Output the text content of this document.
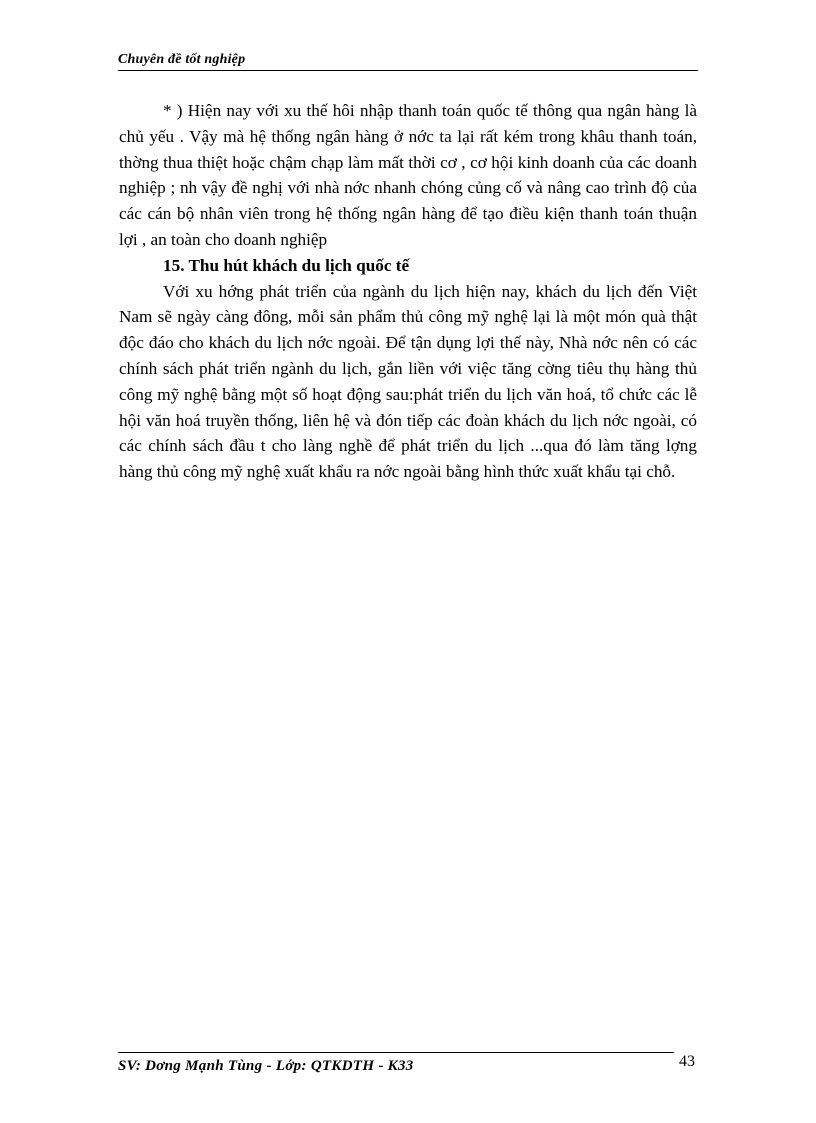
Chuyên đề tốt nghiệp

* ) Hiện nay với xu thế hôi nhập thanh toán quốc tế thông qua ngân hàng là chủ yếu . Vậy mà hệ thống ngân hàng ở nớc ta lại rất kém trong khâu thanh toán, thờng thua thiệt hoặc chậm chạp làm mất thời cơ , cơ hội kinh doanh của các doanh nghiệp ; nh vậy đề nghị với nhà nớc nhanh chóng củng cố và nâng cao trình độ của các cán bộ nhân viên trong hệ thống ngân hàng để tạo điều kiện thanh toán thuận lợi , an toàn cho doanh nghiệp

15. Thu hút khách du lịch quốc tế

Với xu hớng phát triển của ngành du lịch hiện nay, khách du lịch đến Việt Nam sẽ ngày càng đông, mỗi sản phẩm thủ công mỹ nghệ lại là một món quà thật độc đáo cho khách du lịch nớc ngoài. Để tận dụng lợi thế này, Nhà nớc nên có các chính sách phát triển ngành du lịch, gắn liền với việc tăng cờng tiêu thụ hàng thủ công mỹ nghệ bằng một số hoạt động sau:phát triển du lịch văn hoá, tổ chức các lễ hội văn hoá truyền thống, liên hệ và đón tiếp các đoàn khách du lịch nớc ngoài, có các chính sách đầu t cho làng nghề để phát triển du lịch ...qua đó làm tăng lợng hàng thủ công mỹ nghệ xuất khẩu ra nớc ngoài bằng hình thức xuất khẩu tại chỗ.

SV: Dơng Mạnh Tùng - Lớp: QTKDTH - K33	43
